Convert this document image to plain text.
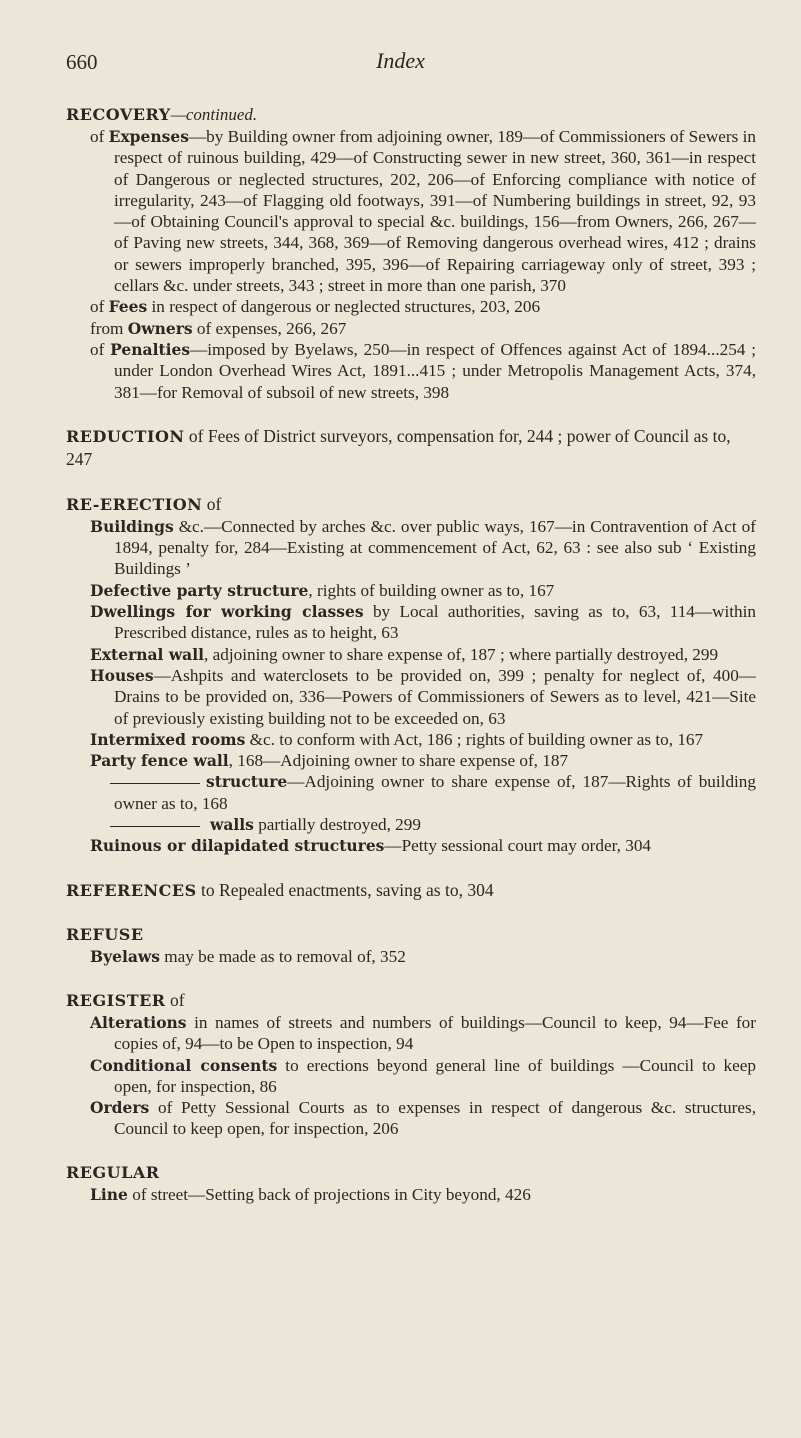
660	Index
RECOVERY—continued.
of Expenses—by Building owner from adjoining owner, 189—of Commissioners of Sewers in respect of ruinous building, 429—of Constructing sewer in new street, 360, 361—in respect of Dangerous or neglected structures, 202, 206—of Enforcing compliance with notice of irregularity, 243—of Flagging old footways, 391—of Numbering buildings in street, 92, 93—of Obtaining Council's approval to special &c. buildings, 156—from Owners, 266, 267—of Paving new streets, 344, 368, 369—of Removing dangerous overhead wires, 412 ; drains or sewers improperly branched, 395, 396—of Repairing carriageway only of street, 393 ; cellars &c. under streets, 343 ; street in more than one parish, 370
of Fees in respect of dangerous or neglected structures, 203, 206
from Owners of expenses, 266, 267
of Penalties—imposed by Byelaws, 250—in respect of Offences against Act of 1894...254 ; under London Overhead Wires Act, 1891...415 ; under Metropolis Management Acts, 374, 381—for Removal of subsoil of new streets, 398
REDUCTION of Fees of District surveyors, compensation for, 244 ; power of Council as to, 247
RE-ERECTION of
Buildings &c.—Connected by arches &c. over public ways, 167—in Contravention of Act of 1894, penalty for, 284—Existing at commencement of Act, 62, 63 : see also sub ‘ Existing Buildings ’
Defective party structure, rights of building owner as to, 167
Dwellings for working classes by Local authorities, saving as to, 63, 114—within Prescribed distance, rules as to height, 63
External wall, adjoining owner to share expense of, 187 ; where partially destroyed, 299
Houses—Ashpits and waterclosets to be provided on, 399 ; penalty for neglect of, 400—Drains to be provided on, 336—Powers of Commissioners of Sewers as to level, 421—Site of previously existing building not to be exceeded on, 63
Intermixed rooms &c. to conform with Act, 186 ; rights of building owner as to, 167
Party fence wall, 168—Adjoining owner to share expense of, 187
structure—Adjoining owner to share expense of, 187—Rights of building owner as to, 168
walls partially destroyed, 299
Ruinous or dilapidated structures—Petty sessional court may order, 304
REFERENCES to Repealed enactments, saving as to, 304
REFUSE
Byelaws may be made as to removal of, 352
REGISTER of
Alterations in names of streets and numbers of buildings—Council to keep, 94—Fee for copies of, 94—to be Open to inspection, 94
Conditional consents to erections beyond general line of buildings —Council to keep open, for inspection, 86
Orders of Petty Sessional Courts as to expenses in respect of dangerous &c. structures, Council to keep open, for inspection, 206
REGULAR
Line of street—Setting back of projections in City beyond, 426
